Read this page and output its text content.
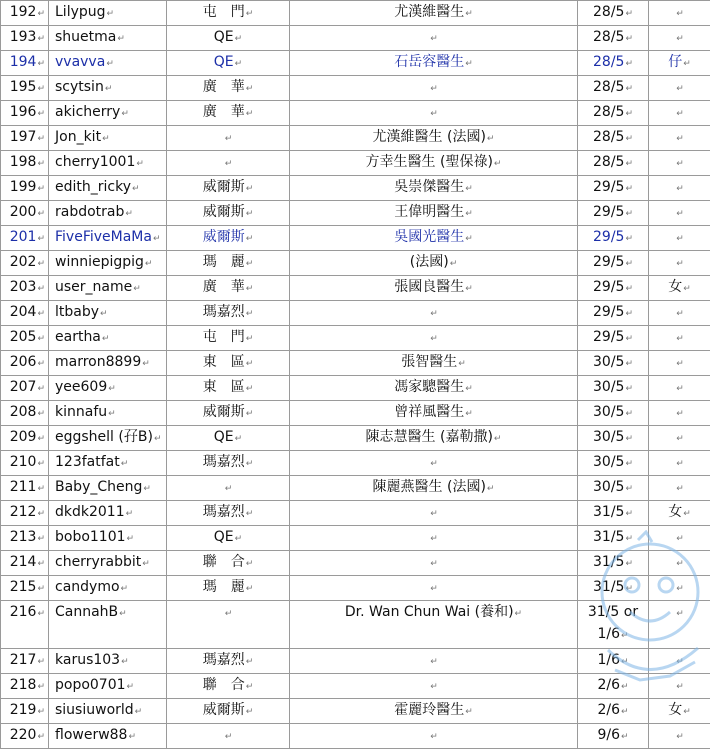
192↵	Lilypug↵	屯　門↵	尤漢維醫生↵	28/5↵	↵
193↵	shuetma↵	QE↵	↵	28/5↵	↵
194↵	vvavva↵	QE↵	石岳容醫生↵	28/5↵	仔↵
195↵	scytsin↵	廣　華↵	↵	28/5↵	↵
196↵	akicherry↵	廣　華↵	↵	28/5↵	↵
197↵	Jon_kit↵	↵	尤漢維醫生 (法國)↵	28/5↵	↵
198↵	cherry1001↵	↵	方幸生醫生 (聖保祿)↵	28/5↵	↵
199↵	edith_ricky↵	威爾斯↵	吳崇傑醫生↵	29/5↵	↵
200↵	rabdotrab↵	威爾斯↵	王偉明醫生↵	29/5↵	↵
201↵	FiveFiveMaMa↵	威爾斯↵	吳國光醫生↵	29/5↵	↵
202↵	winniepigpig↵	瑪　麗↵	(法國)↵	29/5↵	↵
203↵	user_name↵	廣　華↵	張國良醫生↵	29/5↵	女↵
204↵	ltbaby↵	瑪嘉烈↵	↵	29/5↵	↵
205↵	eartha↵	屯　門↵	↵	29/5↵	↵
206↵	marron8899↵	東　區↵	張智醫生↵	30/5↵	↵
207↵	yee609↵	東　區↵	馮家驄醫生↵	30/5↵	↵
208↵	kinnafu↵	威爾斯↵	曾祥風醫生↵	30/5↵	↵
209↵	eggshell (孖B)↵	QE↵	陳志慧醫生 (嘉勒撒)↵	30/5↵	↵
210↵	123fatfat↵	瑪嘉烈↵	↵	30/5↵	↵
211↵	Baby_Cheng↵	↵	陳麗燕醫生 (法國)↵	30/5↵	↵
212↵	dkdk2011↵	瑪嘉烈↵	↵	31/5↵	女↵
213↵	bobo1101↵	QE↵	↵	31/5↵	↵
214↵	cherryrabbit↵	聯　合↵	↵	31/5↵	↵
215↵	candymo↵	瑪　麗↵	↵	31/5↵	↵
216↵	CannahB↵	↵	Dr. Wan Chun Wai (養和)↵	31/5 or 1/6↵	↵
217↵	karus103↵	瑪嘉烈↵	↵	1/6↵	↵
218↵	popo0701↵	聯　合↵	↵	2/6↵	↵
219↵	siusiuworld↵	威爾斯↵	霍麗玲醫生↵	2/6↵	女↵
220↵	flowerw88↵	↵	↵	9/6↵	↵
